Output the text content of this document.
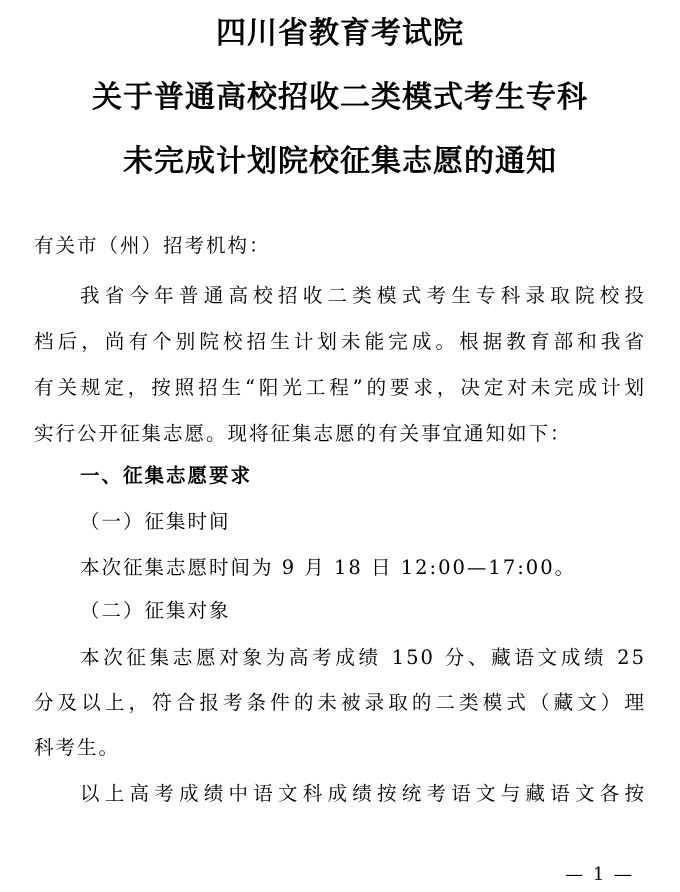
四川省教育考试院
关于普通高校招收二类模式考生专科
未完成计划院校征集志愿的通知
有关市（州）招考机构：
我省今年普通高校招收二类模式考生专科录取院校投
档后，尚有个别院校招生计划未能完成。根据教育部和我省
有关规定，按照招生“阳光工程”的要求，决定对未完成计划
实行公开征集志愿。现将征集志愿的有关事宜通知如下：
一、征集志愿要求
（一）征集时间
本次征集志愿时间为 9 月 18 日 12:00—17:00。
（二）征集对象
本次征集志愿对象为高考成绩 150 分、藏语文成绩 25
分及以上，符合报考条件的未被录取的二类模式（藏文）理
科考生。
以上高考成绩中语文科成绩按统考语文与藏语文各按
— 1 —
